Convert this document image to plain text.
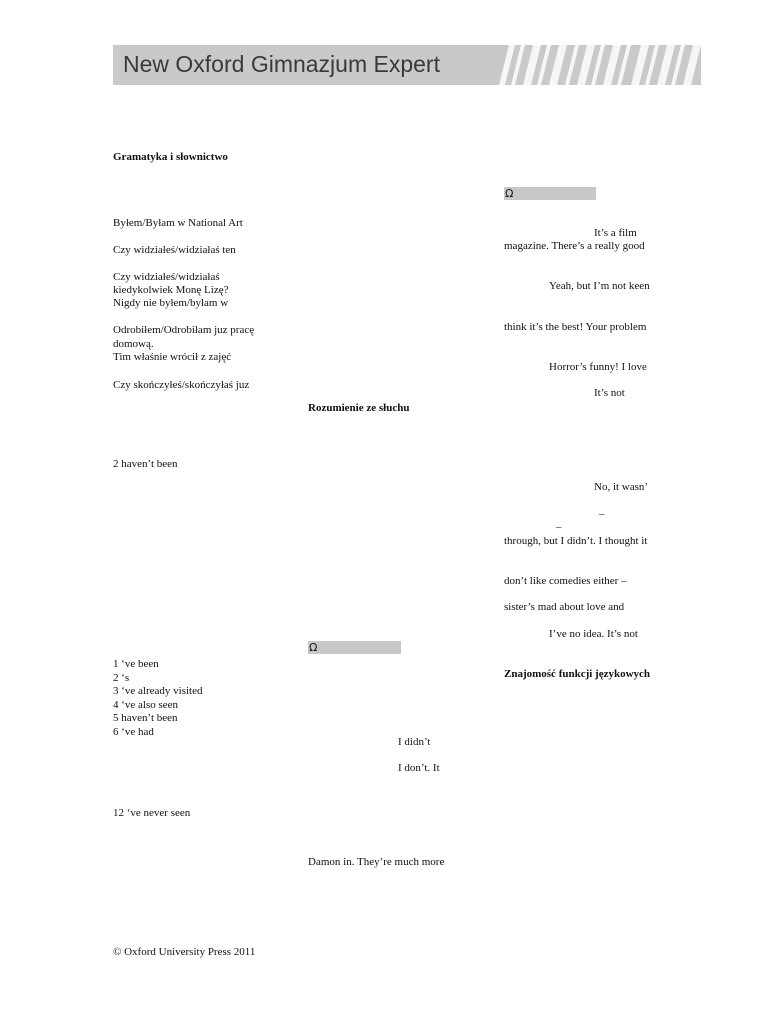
New Oxford Gimnazjum Expert

Gramatyka i słownictwo

Byłem/Byłam w National Art

Czy widziałeś/widziałaś ten

Czy widziałeś/widziałaś

kiedykolwiek Monę Lizę?

Nigdy nie byłem/byłam w

Odrobiłem/Odrobiłam juz pracę

domową.

Tim właśnie wrócił z zajęć

Czy skończyłeś/skończyłaś juz

2 haven’t been

1 ‘ve been

2 ‘s

3 ‘ve already visited

4 ‘ve also seen

5 haven’t been

6 ‘ve had

12 ‘ve never seen

© Oxford University Press 2011

Rozumienie ze słuchu

Ω

I didn’t

I don’t. It

Damon in. They’re much more

Ω

It’s a film

magazine. There’s a really good

Yeah, but I’m not keen

think it’s the best! Your problem

Horror’s funny! I love

It’s not

No, it wasn’

–

–

through, but I didn’t. I thought it

don’t like comedies either –

sister’s mad about love and

I’ve no idea. It’s not

Znajomość funkcji językowych
